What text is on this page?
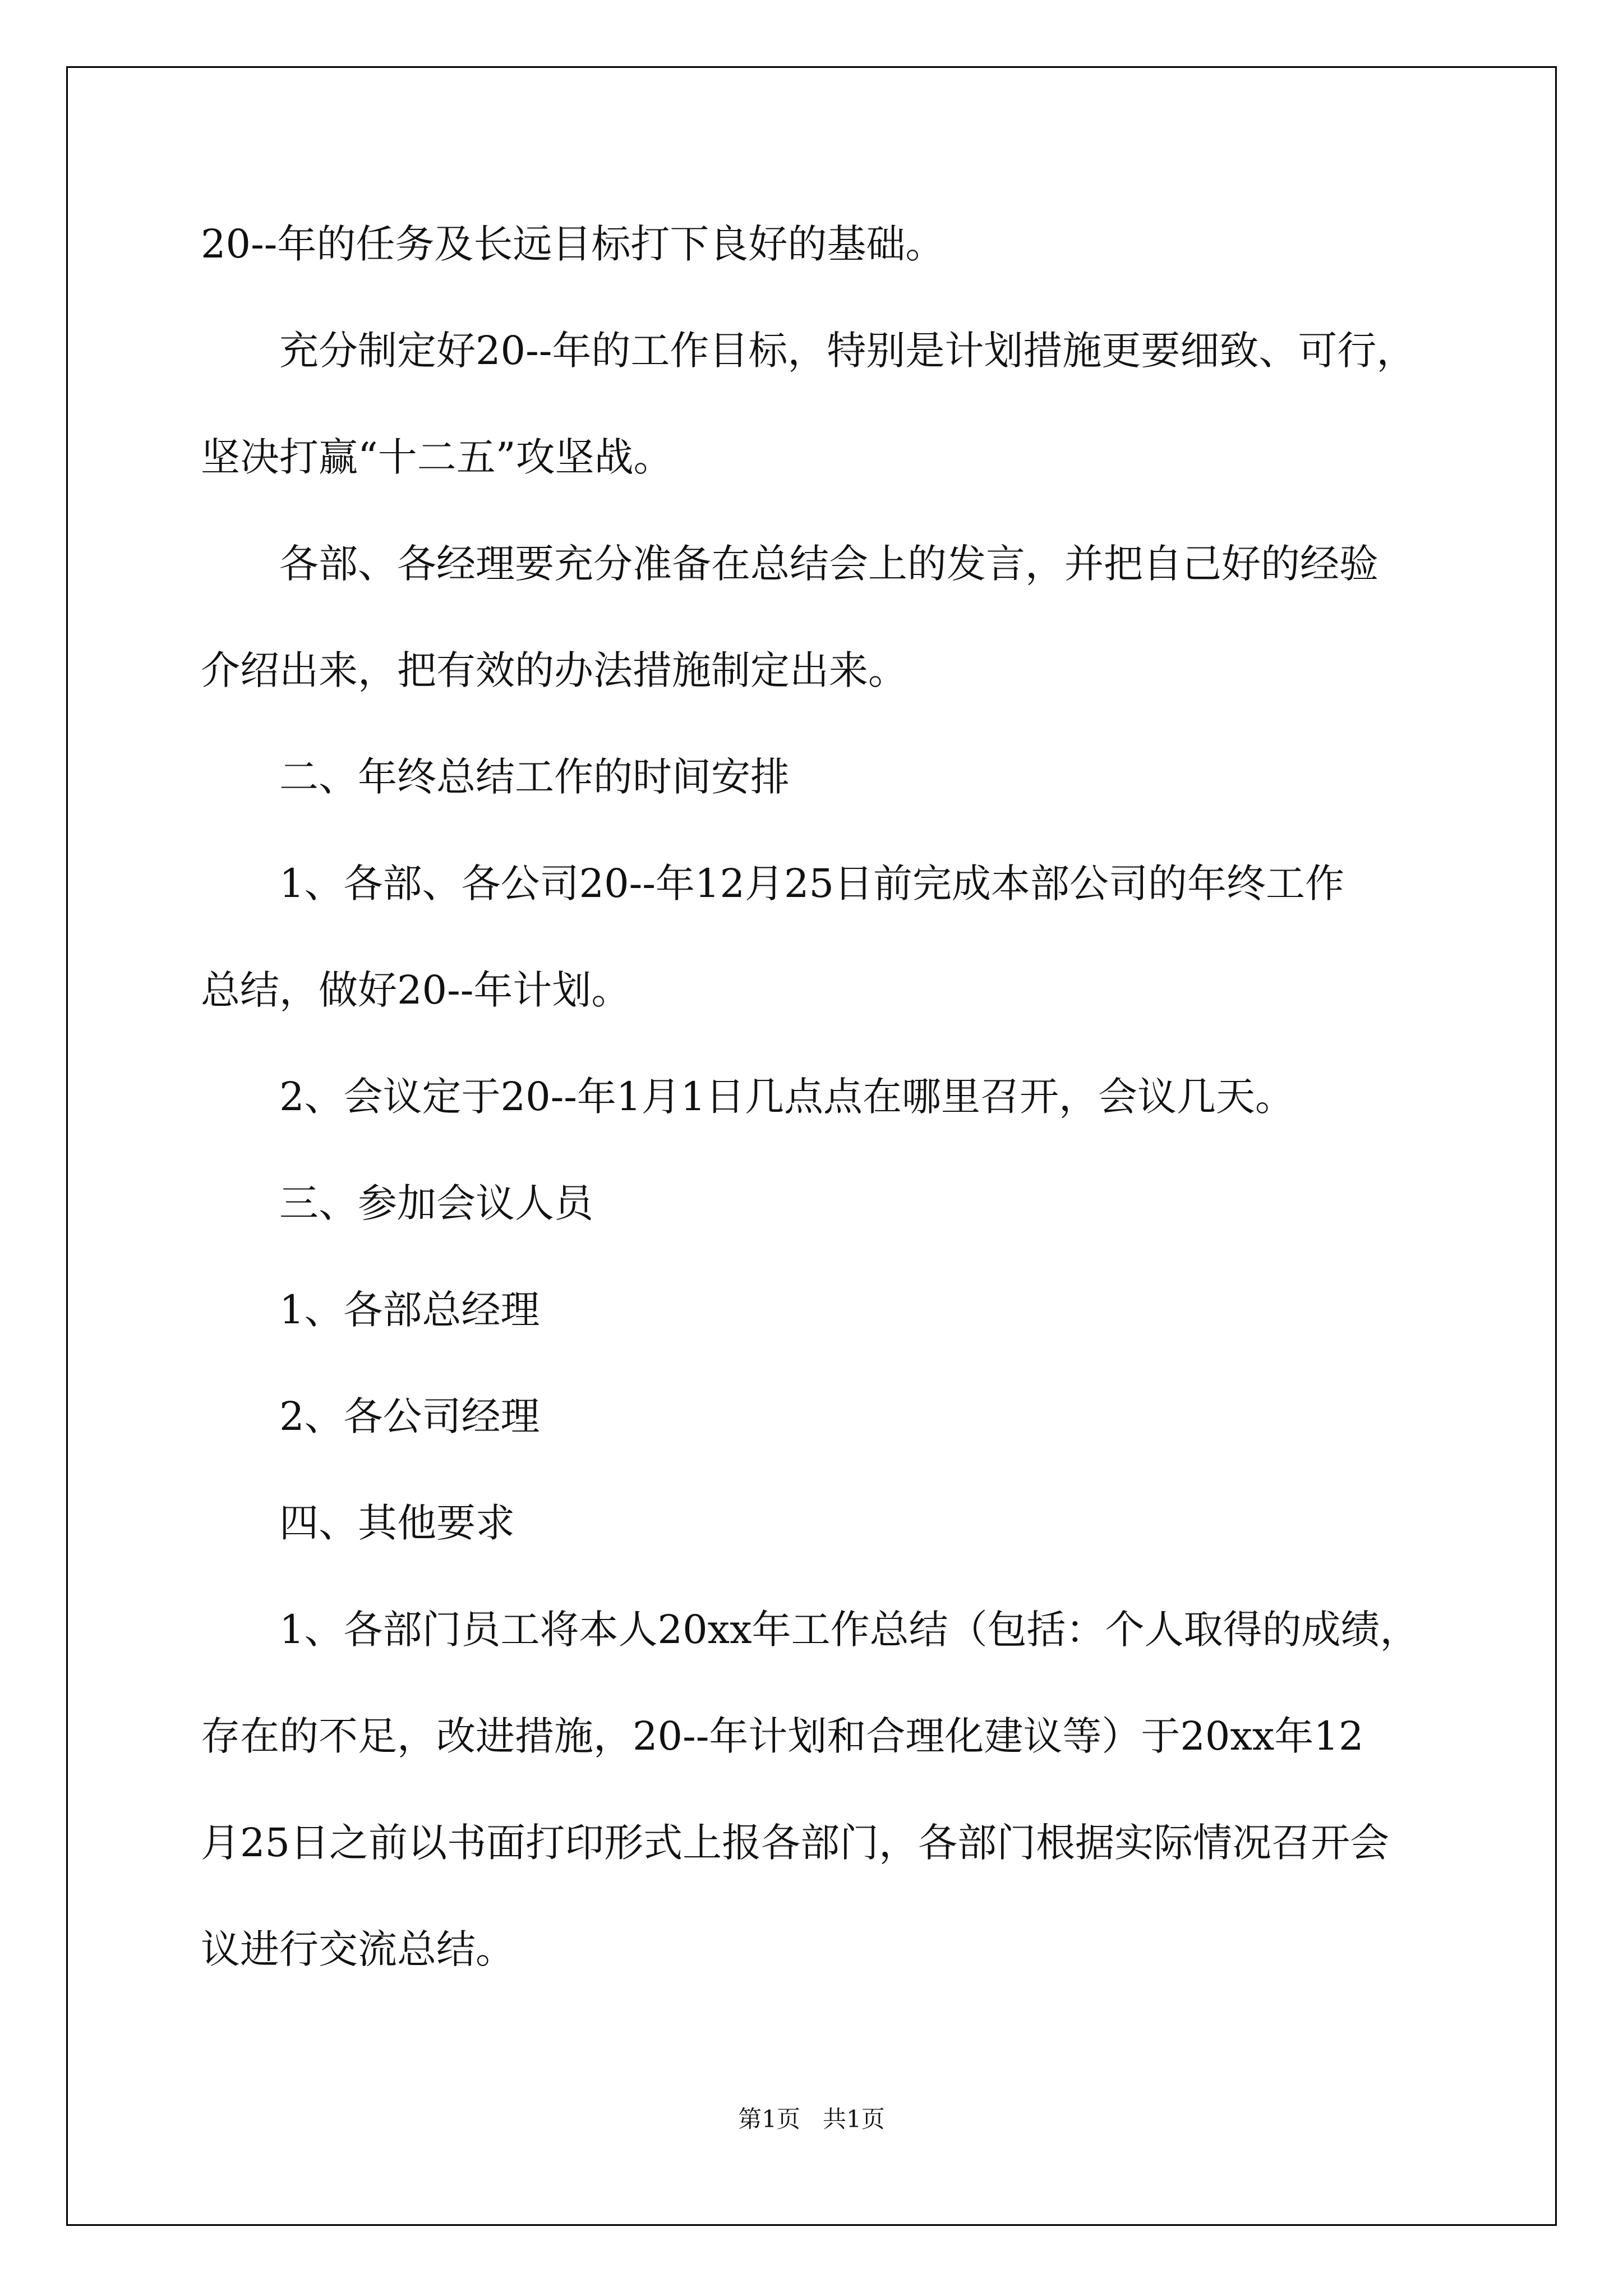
20--年的任务及长远目标打下良好的基础。
充分制定好20--年的工作目标，特别是计划措施更要细致、可行，
坚决打赢“十二五”攻坚战。
各部、各经理要充分准备在总结会上的发言，并把自己好的经验
介绍出来，把有效的办法措施制定出来。
二、年终总结工作的时间安排
1、各部、各公司20--年12月25日前完成本部公司的年终工作
总结，做好20--年计划。
2、会议定于20--年1月1日几点点在哪里召开，会议几天。
三、参加会议人员
1、各部总经理
2、各公司经理
四、其他要求
1、各部门员工将本人20xx年工作总结（包括：个人取得的成绩，
存在的不足，改进措施，20--年计划和合理化建议等）于20xx年12
月25日之前以书面打印形式上报各部门，各部门根据实际情况召开会
议进行交流总结。
第1页   共1页
